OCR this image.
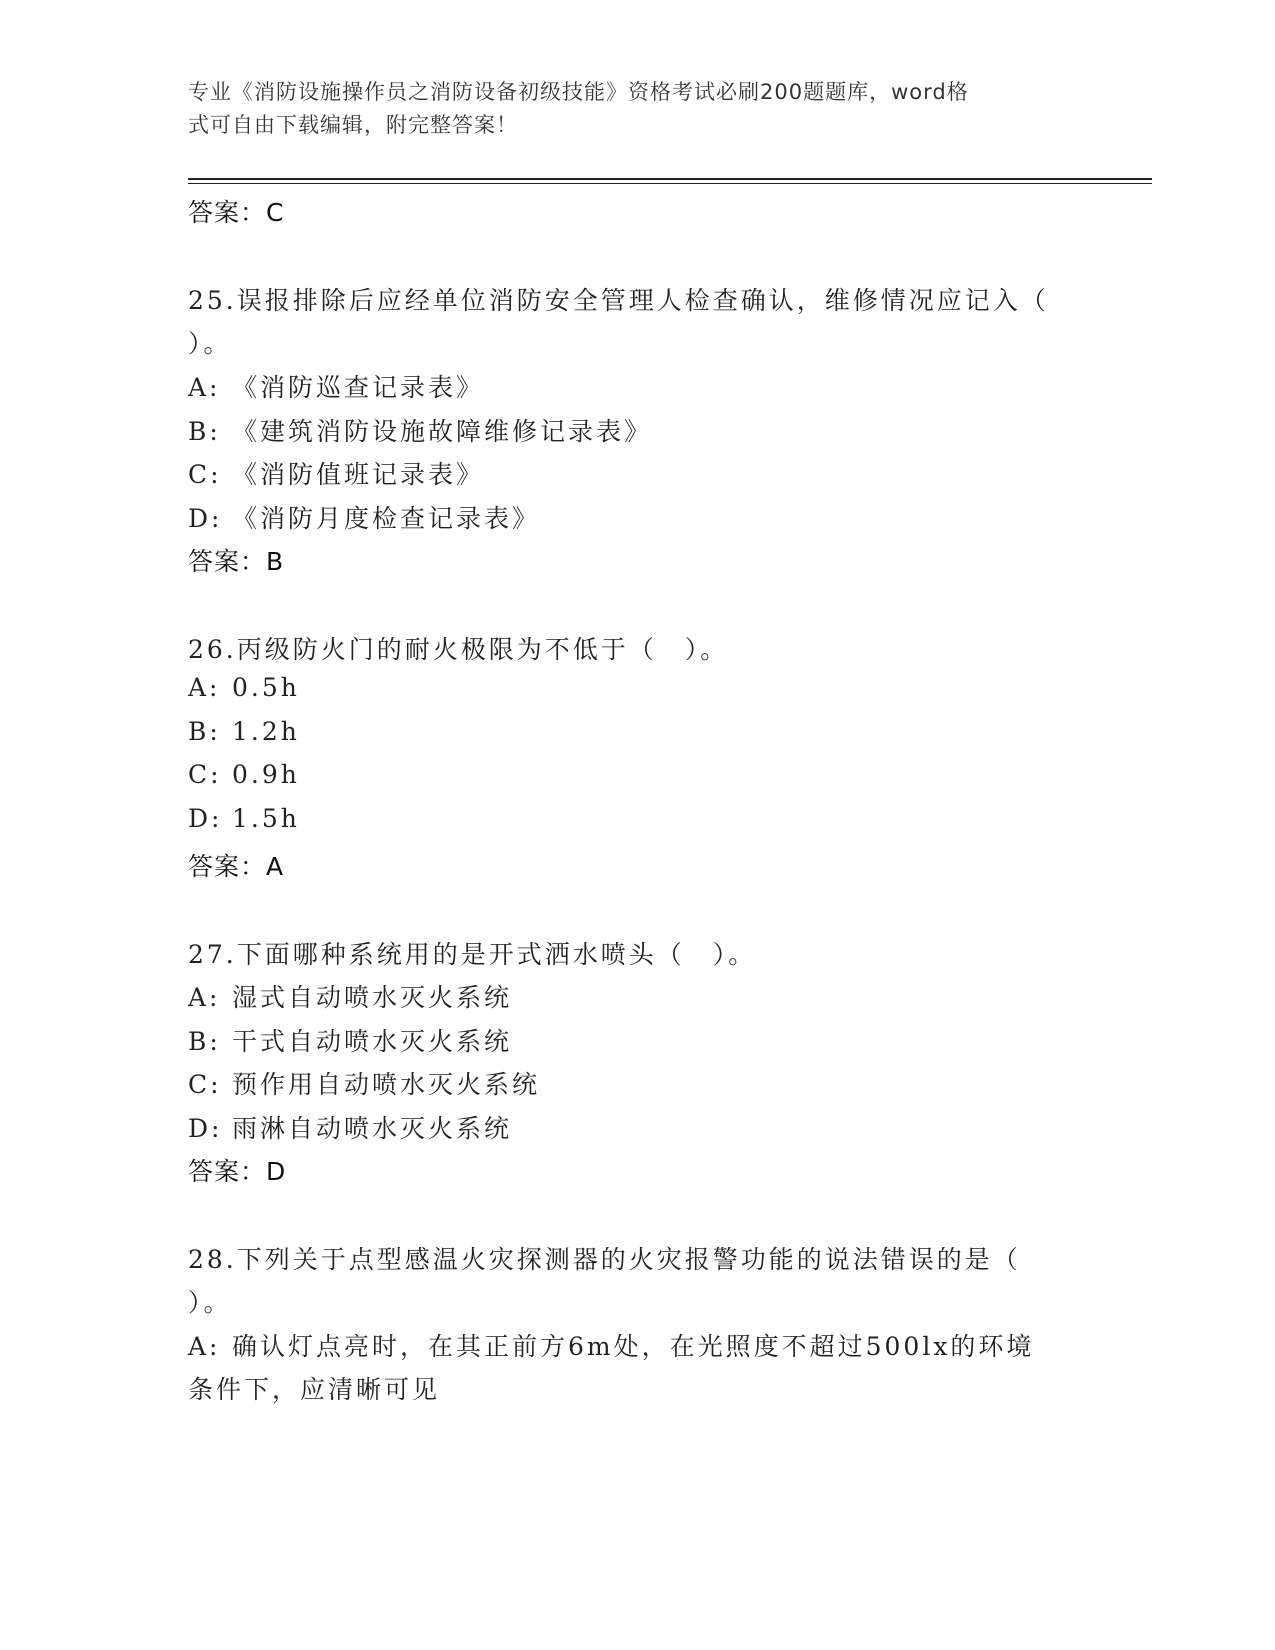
专业《消防设施操作员之消防设备初级技能》资格考试必刷200题题库，word格
式可自由下载编辑，附完整答案！
答案：C
25.误报排除后应经单位消防安全管理人检查确认，维修情况应记入（
）。
A: 《消防巡查记录表》
B: 《建筑消防设施故障维修记录表》
C: 《消防值班记录表》
D: 《消防月度检查记录表》
答案：B
26.丙级防火门的耐火极限为不低于（　）。
A: 0.5h
B: 1.2h
C: 0.9h
D: 1.5h
答案：A
27.下面哪种系统用的是开式洒水喷头（　）。
A: 湿式自动喷水灭火系统
B: 干式自动喷水灭火系统
C: 预作用自动喷水灭火系统
D: 雨淋自动喷水灭火系统
答案：D
28.下列关于点型感温火灾探测器的火灾报警功能的说法错误的是（
）。
A: 确认灯点亮时，在其正前方6m处，在光照度不超过500lx的环境
条件下，应清晰可见
